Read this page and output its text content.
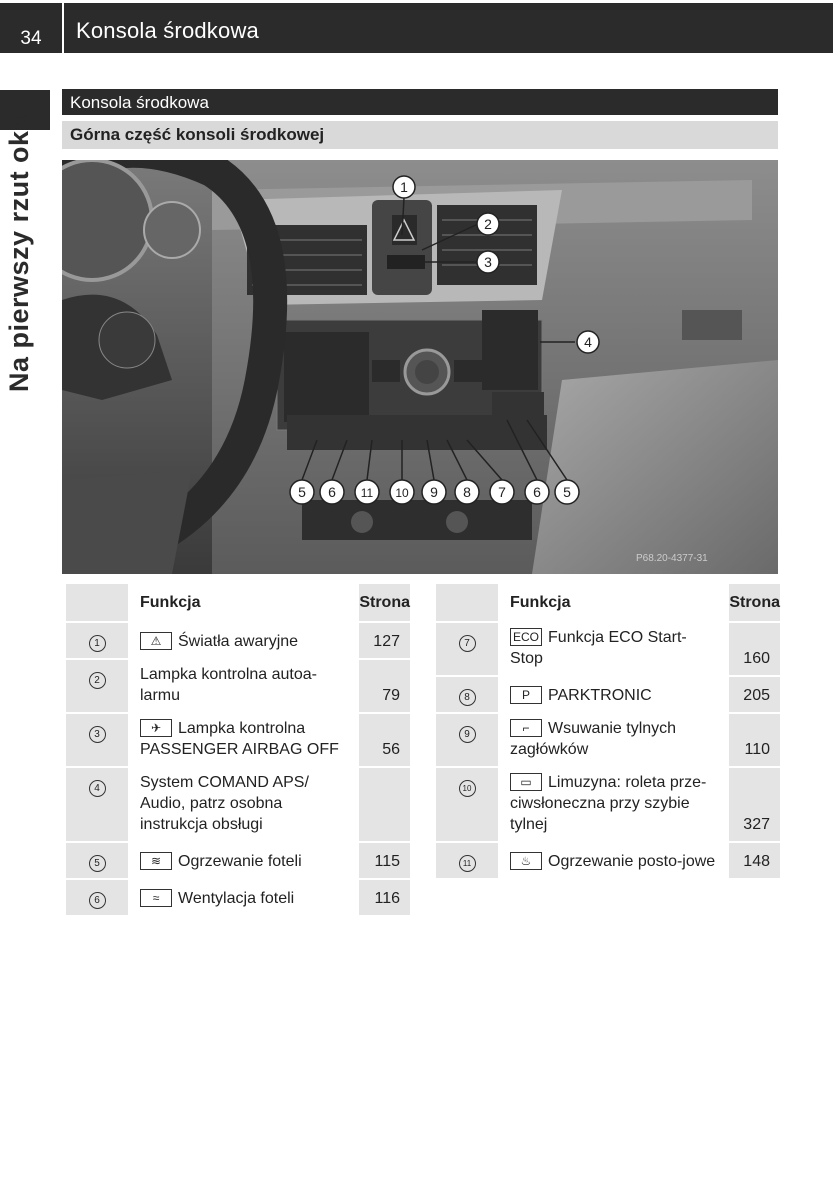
34	Konsola środkowa
Na pierwszy rzut oka
Konsola środkowa
Górna część konsoli środkowej
1
2
3
4
5 6 11 10 9 8 7 6 5
P68.20-4377-31
	Funkcja	Strona
1	⚠ Światła awaryjne	127
2	Lampka kontrolna autoa-larmu	79
3	✈ Lampka kontrolna PASSENGER AIRBAG OFF	56
4	System COMAND APS/ Audio, patrz osobna instrukcja obsługi	
5	≋ Ogrzewanie foteli	115
6	≈ Wentylacja foteli	116
	Funkcja	Strona
7	ECO Funkcja ECO Start-Stop	160
8	P PARKTRONIC	205
9	⌐ Wsuwanie tylnych zagłówków	110
10	▭ Limuzyna: roleta prze-ciwsłoneczna przy szybie tylnej	327
11	♨ Ogrzewanie posto-jowe	148
